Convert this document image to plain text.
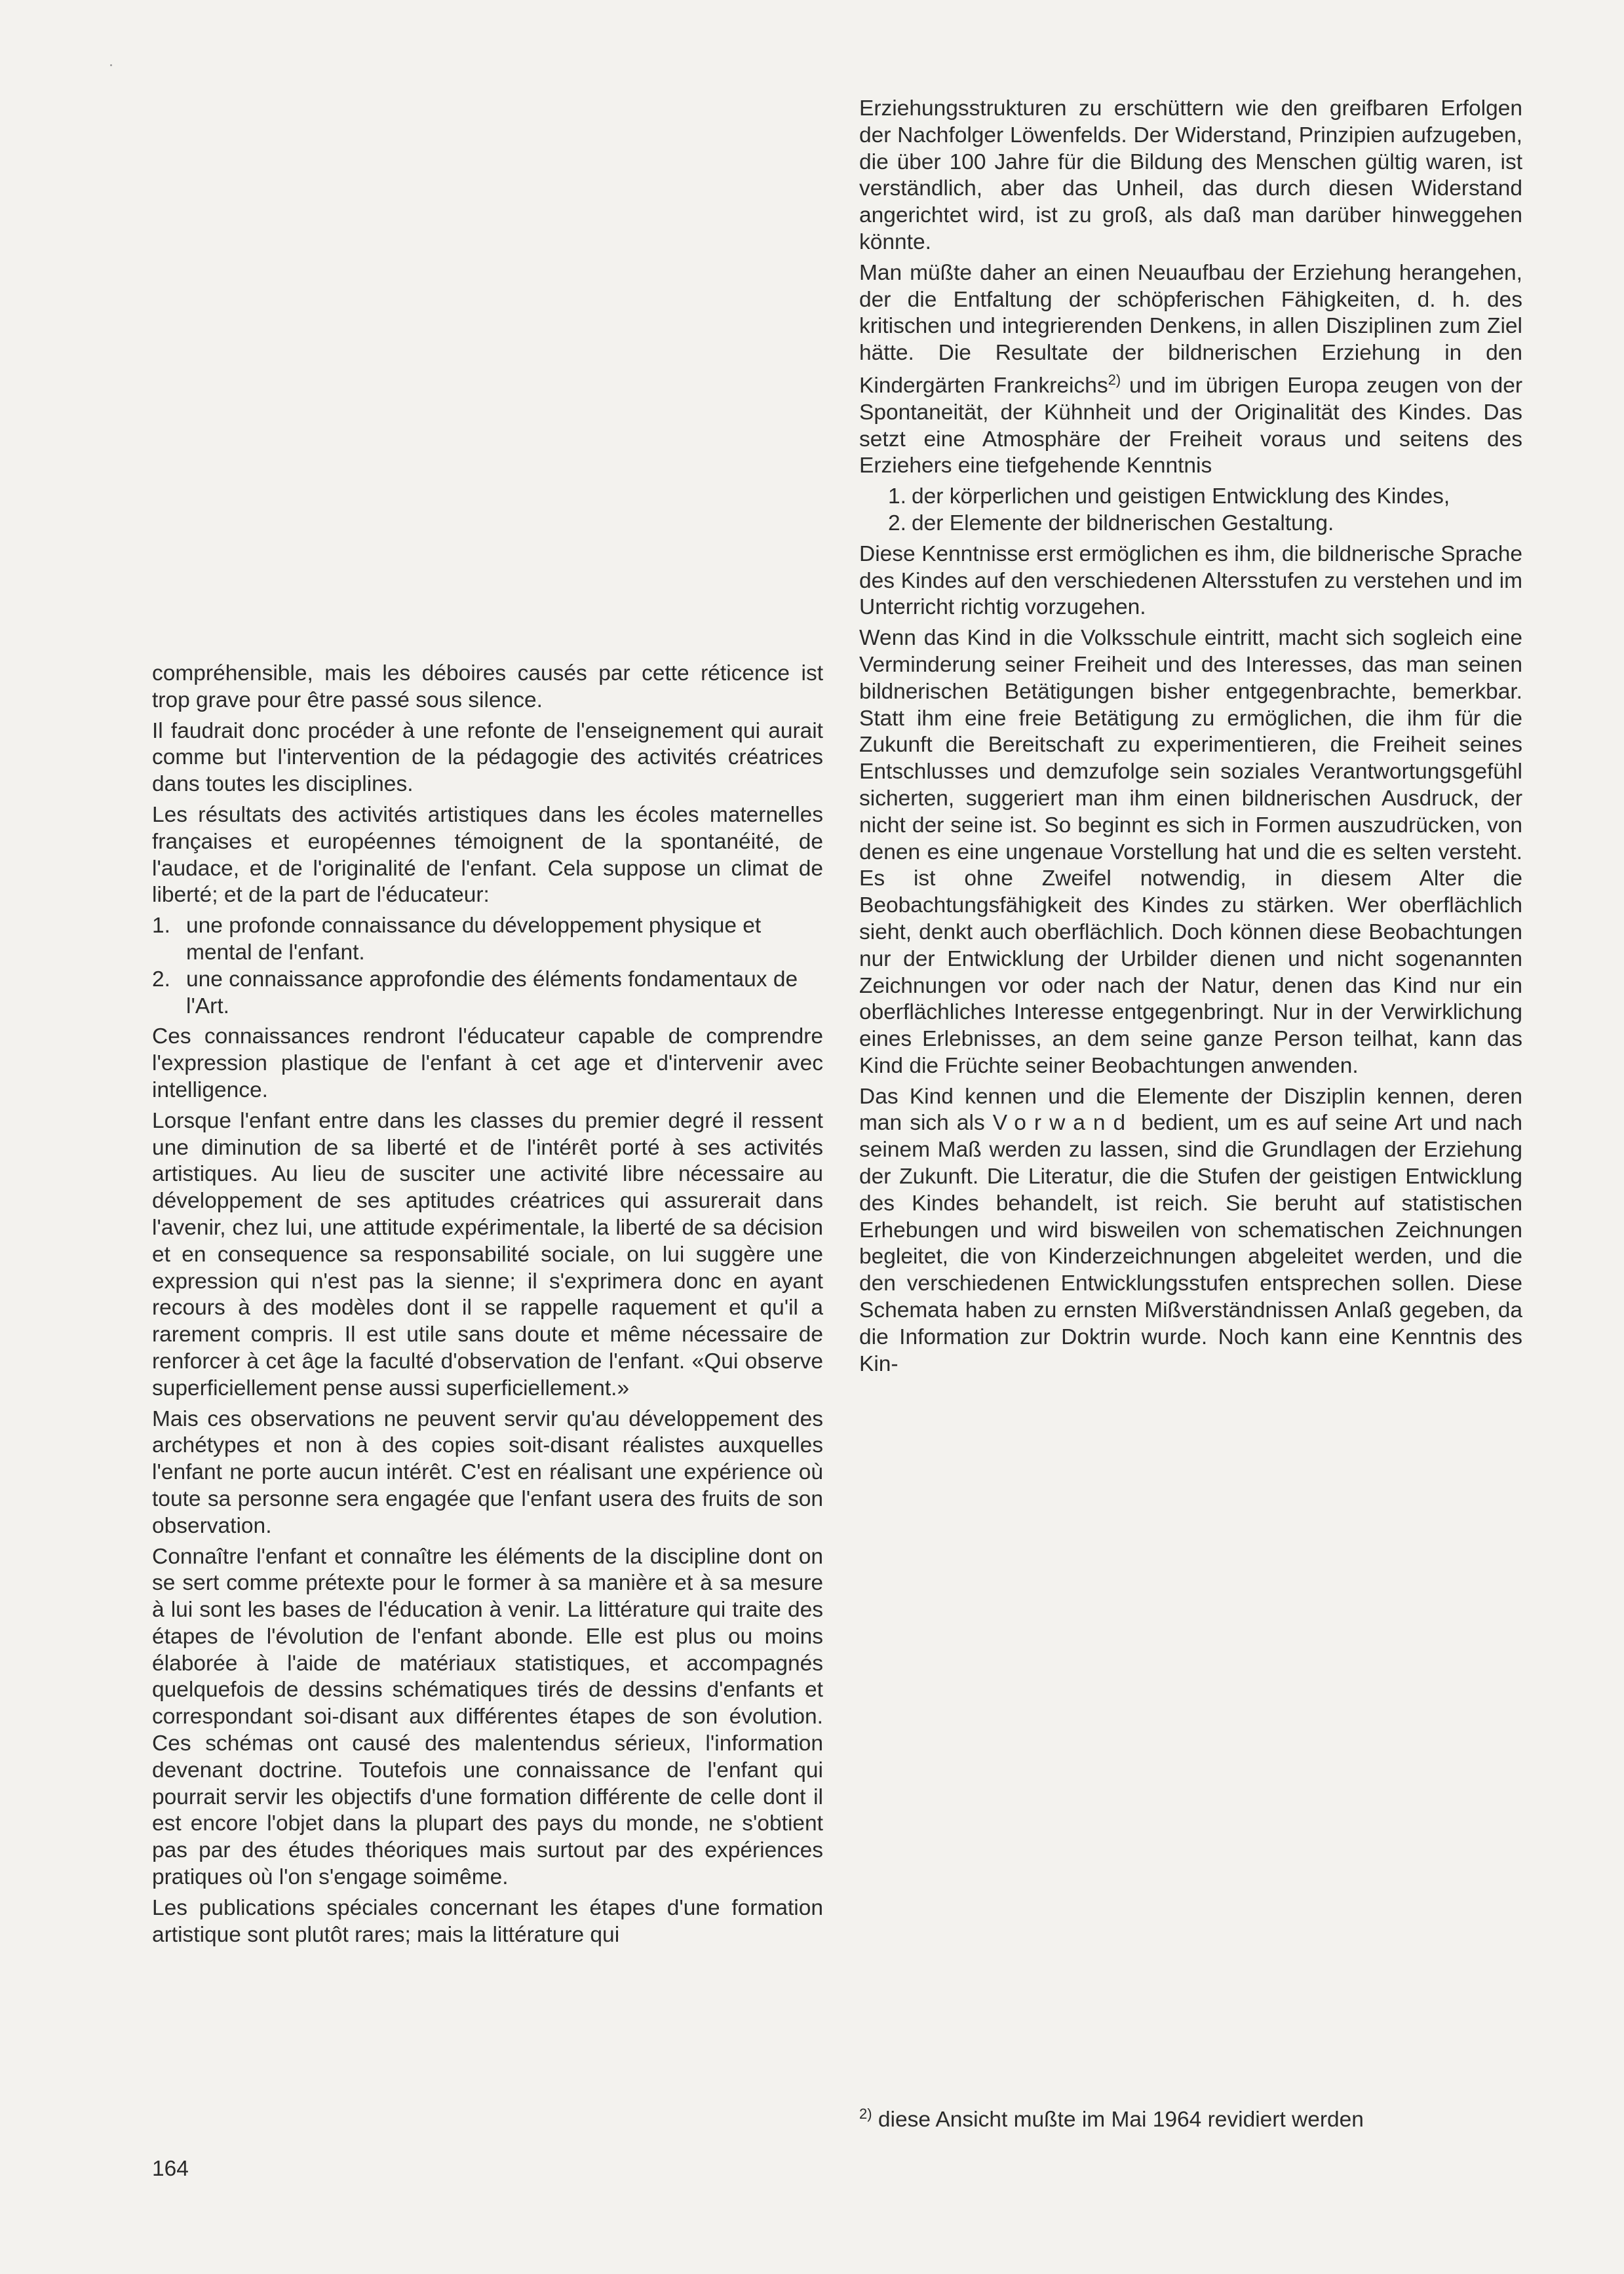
compréhensible, mais les déboires causés par cette réticence ist trop grave pour être passé sous silence.

Il faudrait donc procéder à une refonte de l'enseignement qui aurait comme but l'intervention de la pédagogie des activités créatrices dans toutes les disciplines.

Les résultats des activités artistiques dans les écoles maternelles françaises et européennes témoignent de la spontanéité, de l'audace, et de l'originalité de l'enfant. Cela suppose un climat de liberté; et de la part de l'éducateur:

1. une profonde connaissance du développement physique et mental de l'enfant.
2. une connaissance approfondie des éléments fondamentaux de l'Art.

Ces connaissances rendront l'éducateur capable de comprendre l'expression plastique de l'enfant à cet age et d'intervenir avec intelligence.

Lorsque l'enfant entre dans les classes du premier degré il ressent une diminution de sa liberté et de l'intérêt porté à ses activités artistiques. Au lieu de susciter une activité libre nécessaire au développement de ses aptitudes créatrices qui assurerait dans l'avenir, chez lui, une attitude expérimentale, la liberté de sa décision et en consequence sa responsabilité sociale, on lui suggère une expression qui n'est pas la sienne; il s'exprimera donc en ayant recours à des modèles dont il se rappelle raquement et qu'il a rarement compris. Il est utile sans doute et même nécessaire de renforcer à cet âge la faculté d'observation de l'enfant. «Qui observe superficiellement pense aussi superficiellement.»

Mais ces observations ne peuvent servir qu'au développement des archétypes et non à des copies soit-disant réalistes auxquelles l'enfant ne porte aucun intérêt. C'est en réalisant une expérience où toute sa personne sera engagée que l'enfant usera des fruits de son observation.

Connaître l'enfant et connaître les éléments de la discipline dont on se sert comme prétexte pour le former à sa manière et à sa mesure à lui sont les bases de l'éducation à venir. La littérature qui traite des étapes de l'évolution de l'enfant abonde. Elle est plus ou moins élaborée à l'aide de matériaux statistiques, et accompagnés quelquefois de dessins schématiques tirés de dessins d'enfants et correspondant soi-disant aux différentes étapes de son évolution. Ces schémas ont causé des malentendus sérieux, l'information devenant doctrine. Toutefois une connaissance de l'enfant qui pourrait servir les objectifs d'une formation différente de celle dont il est encore l'objet dans la plupart des pays du monde, ne s'obtient pas par des études théoriques mais surtout par des expériences pratiques où l'on s'engage soimême.

Les publications spéciales concernant les étapes d'une formation artistique sont plutôt rares; mais la littérature qui

Erziehungsstrukturen zu erschüttern wie den greifbaren Erfolgen der Nachfolger Löwenfelds. Der Widerstand, Prinzipien aufzugeben, die über 100 Jahre für die Bildung des Menschen gültig waren, ist verständlich, aber das Unheil, das durch diesen Widerstand angerichtet wird, ist zu groß, als daß man darüber hinweggehen könnte.

Man müßte daher an einen Neuaufbau der Erziehung herangehen, der die Entfaltung der schöpferischen Fähigkeiten, d. h. des kritischen und integrierenden Denkens, in allen Disziplinen zum Ziel hätte. Die Resultate der bildnerischen Erziehung in den Kindergärten Frankreichs$^{2)}$ und im übrigen Europa zeugen von der Spontaneität, der Kühnheit und der Originalität des Kindes. Das setzt eine Atmosphäre der Freiheit voraus und seitens des Erziehers eine tiefgehende Kenntnis

1. der körperlichen und geistigen Entwicklung des Kindes,
2. der Elemente der bildnerischen Gestaltung.

Diese Kenntnisse erst ermöglichen es ihm, die bildnerische Sprache des Kindes auf den verschiedenen Altersstufen zu verstehen und im Unterricht richtig vorzugehen.

Wenn das Kind in die Volksschule eintritt, macht sich sogleich eine Verminderung seiner Freiheit und des Interesses, das man seinen bildnerischen Betätigungen bisher entgegenbrachte, bemerkbar. Statt ihm eine freie Betätigung zu ermöglichen, die ihm für die Zukunft die Bereitschaft zu experimentieren, die Freiheit seines Entschlusses und demzufolge sein soziales Verantwortungsgefühl sicherten, suggeriert man ihm einen bildnerischen Ausdruck, der nicht der seine ist. So beginnt es sich in Formen auszudrücken, von denen es eine ungenaue Vorstellung hat und die es selten versteht. Es ist ohne Zweifel notwendig, in diesem Alter die Beobachtungsfähigkeit des Kindes zu stärken. Wer oberflächlich sieht, denkt auch oberflächlich. Doch können diese Beobachtungen nur der Entwicklung der Urbilder dienen und nicht sogenannten Zeichnungen vor oder nach der Natur, denen das Kind nur ein oberflächliches Interesse entgegenbringt. Nur in der Verwirklichung eines Erlebnisses, an dem seine ganze Person teilhat, kann das Kind die Früchte seiner Beobachtungen anwenden.

Das Kind kennen und die Elemente der Disziplin kennen, deren man sich als Vorwand bedient, um es auf seine Art und nach seinem Maß werden zu lassen, sind die Grundlagen der Erziehung der Zukunft. Die Literatur, die die Stufen der geistigen Entwicklung des Kindes behandelt, ist reich. Sie beruht auf statistischen Erhebungen und wird bisweilen von schematischen Zeichnungen begleitet, die von Kinderzeichnungen abgeleitet werden, und die den verschiedenen Entwicklungsstufen entsprechen sollen. Diese Schemata haben zu ernsten Mißverständnissen Anlaß gegeben, da die Information zur Doktrin wurde. Noch kann eine Kenntnis des Kin-

$^{2)}$ diese Ansicht mußte im Mai 1964 revidiert werden
164
